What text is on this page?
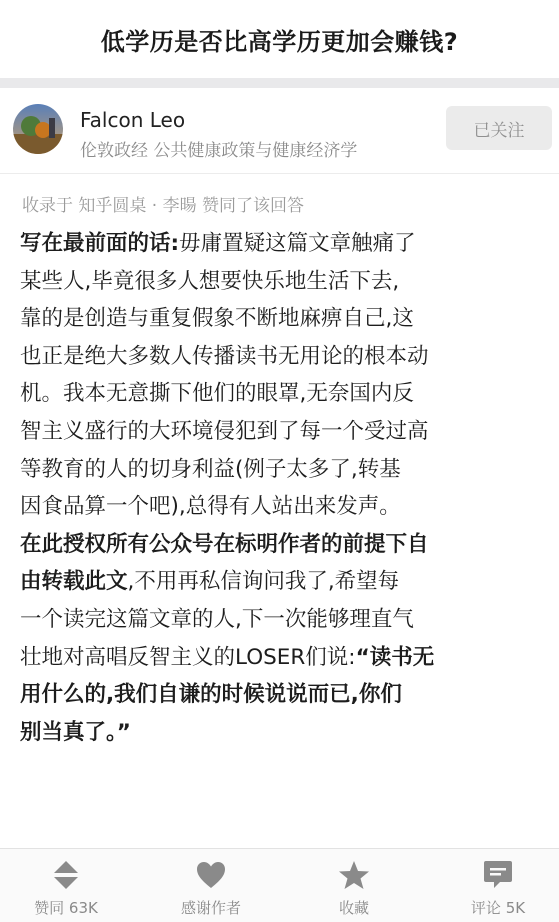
低学历是否比高学历更加会赚钱?
Falcon Leo
伦敦政经 公共健康政策与健康经济学
已关注
收录于 知乎圆桌 · 李暘 赞同了该回答
写在最前面的话:毋庸置疑这篇文章触痛了
某些人,毕竟很多人想要快乐地生活下去,
靠的是创造与重复假象不断地麻痹自己,这
也正是绝大多数人传播读书无用论的根本动
机。我本无意撕下他们的眼罩,无奈国内反
智主义盛行的大环境侵犯到了每一个受过高
等教育的人的切身利益(例子太多了,转基
因食品算一个吧),总得有人站出来发声。
在此授权所有公众号在标明作者的前提下自
由转载此文,不用再私信询问我了,希望每
一个读完这篇文章的人,下一次能够理直气
壮地对高唱反智主义的LOSER们说:“读书无
用什么的,我们自谦的时候说说而已,你们
别当真了。”
赞同 63K	感谢作者	收藏	评论 5K
